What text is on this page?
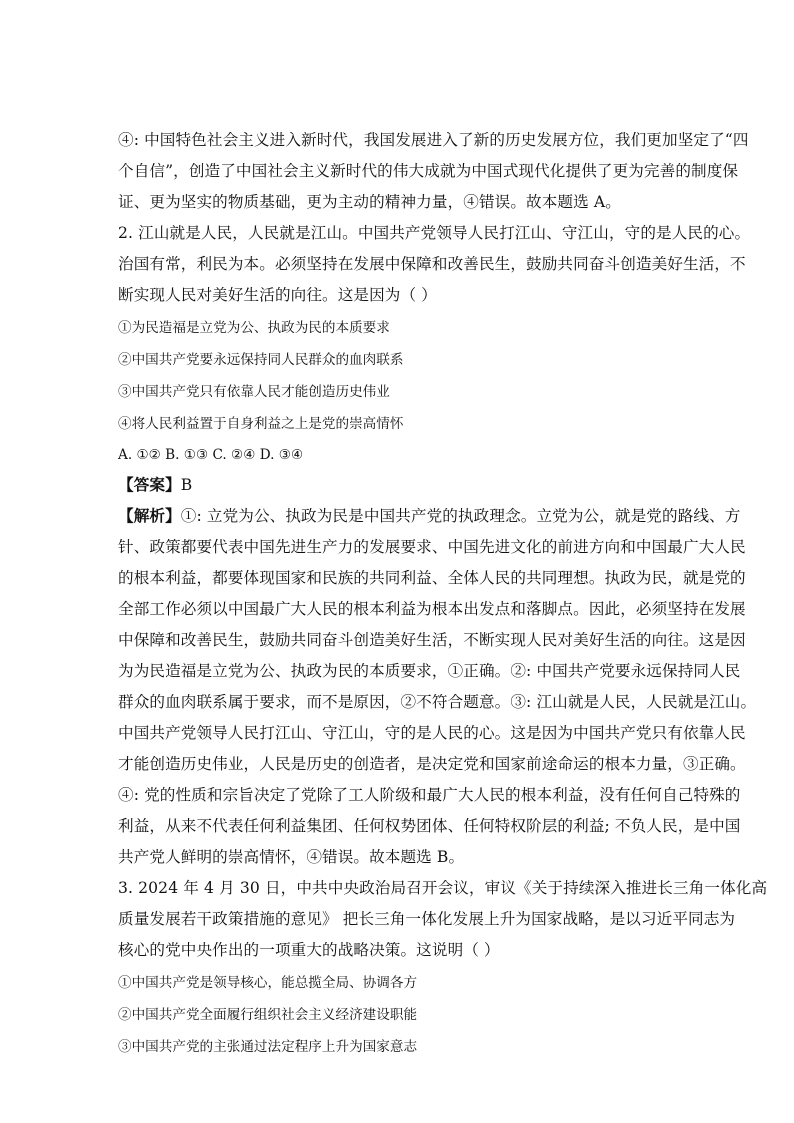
④: 中国特色社会主义进入新时代，我国发展进入了新的历史发展方位，我们更加坚定了“四
个自信”，创造了中国社会主义新时代的伟大成就为中国式现代化提供了更为完善的制度保
证、更为坚实的物质基础，更为主动的精神力量，④错误。故本题选 A。
2. 江山就是人民，人民就是江山。中国共产党领导人民打江山、守江山，守的是人民的心。
治国有常，利民为本。必须坚持在发展中保障和改善民生，鼓励共同奋斗创造美好生活，不
断实现人民对美好生活的向往。这是因为（ ）
①为民造福是立党为公、执政为民的本质要求
②中国共产党要永远保持同人民群众的血肉联系
③中国共产党只有依靠人民才能创造历史伟业
④将人民利益置于自身利益之上是党的崇高情怀
A. ①② B. ①③ C. ②④ D. ③④
【答案】B
【解析】①: 立党为公、执政为民是中国共产党的执政理念。立党为公，就是党的路线、方
针、政策都要代表中国先进生产力的发展要求、中国先进文化的前进方向和中国最广大人民
的根本利益，都要体现国家和民族的共同利益、全体人民的共同理想。执政为民，就是党的
全部工作必须以中国最广大人民的根本利益为根本出发点和落脚点。因此，必须坚持在发展
中保障和改善民生，鼓励共同奋斗创造美好生活，不断实现人民对美好生活的向往。这是因
为为民造福是立党为公、执政为民的本质要求，①正确。②: 中国共产党要永远保持同人民
群众的血肉联系属于要求，而不是原因，②不符合题意。③: 江山就是人民，人民就是江山。
中国共产党领导人民打江山、守江山，守的是人民的心。这是因为中国共产党只有依靠人民
才能创造历史伟业，人民是历史的创造者，是决定党和国家前途命运的根本力量，③正确。
④: 党的性质和宗旨决定了党除了工人阶级和最广大人民的根本利益，没有任何自己特殊的
利益，从来不代表任何利益集团、任何权势团体、任何特权阶层的利益; 不负人民，是中国
共产党人鲜明的崇高情怀，④错误。故本题选 B。
3. 2024 年 4 月 30 日，中共中央政治局召开会议，审议《关于持续深入推进长三角一体化高
质量发展若干政策措施的意见》 把长三角一体化发展上升为国家战略，是以习近平同志为
核心的党中央作出的一项重大的战略决策。这说明（ ）
①中国共产党是领导核心，能总揽全局、协调各方
②中国共产党全面履行组织社会主义经济建设职能
③中国共产党的主张通过法定程序上升为国家意志
